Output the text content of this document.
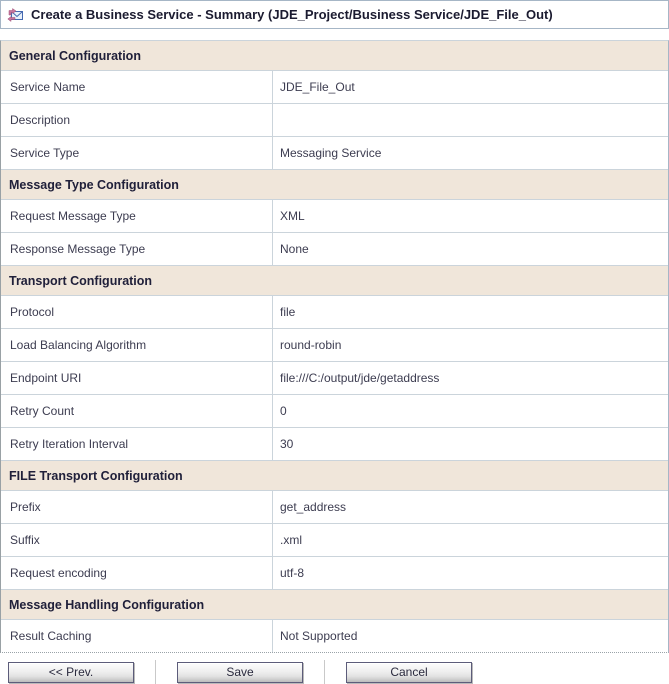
Create a Business Service - Summary (JDE_Project/Business Service/JDE_File_Out)
General Configuration
Service Name	JDE_File_Out
Description
Service Type	Messaging Service
Message Type Configuration
Request Message Type	XML
Response Message Type	None
Transport Configuration
Protocol	file
Load Balancing Algorithm	round-robin
Endpoint URI	file:///C:/output/jde/getaddress
Retry Count	0
Retry Iteration Interval	30
FILE Transport Configuration
Prefix	get_address
Suffix	.xml
Request encoding	utf-8
Message Handling Configuration
Result Caching	Not Supported
<< Prev.	Save	Cancel
